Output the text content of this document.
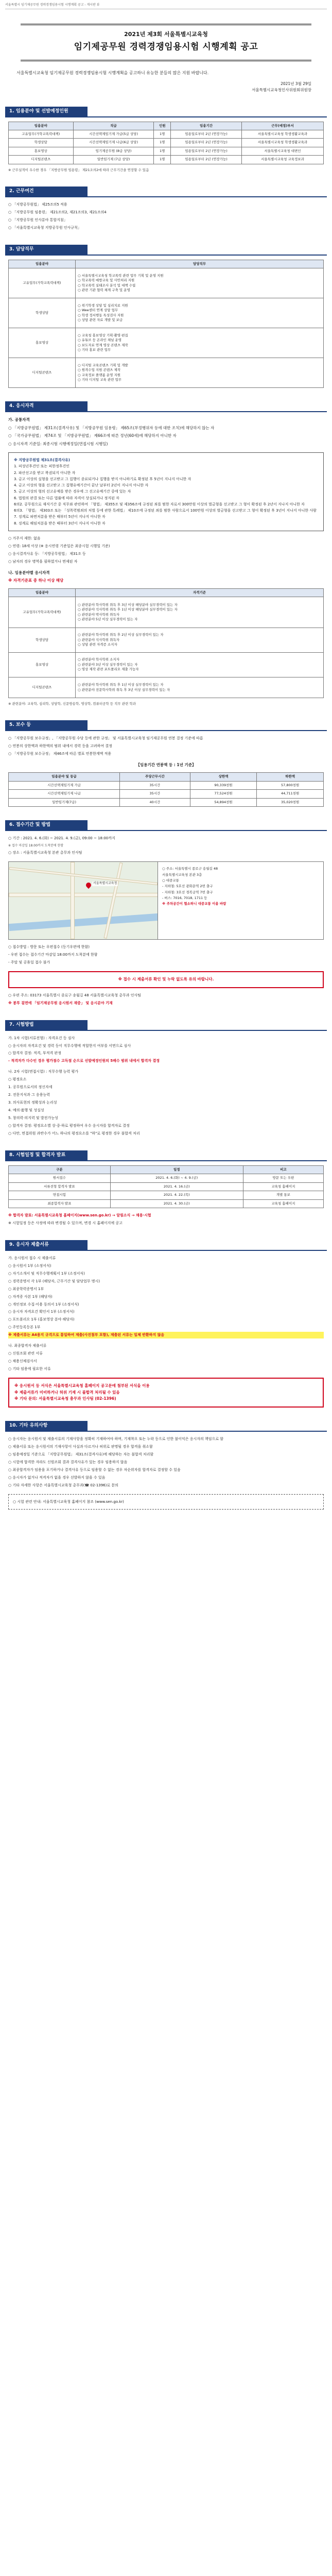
서울특별시 임기제공무원 경력경쟁임용시험 시행계획 공고 - 게시판 뷰
2021년 제3회 서울특별시교육청
임기제공무원 경력경쟁임용시험 시행계획 공고
서울특별시교육청 임기제공무원 경력경쟁임용시험 시행계획을 공고하니 유능한 분들의 많은 지원 바랍니다.
2021년 3월 29일
서울특별시교육청인사위원회위원장
1. 임용분야 및 선발예정인원
임용분야	직급	인원	임용기간	근무(예정)부서
고유업무(가학교폭력대책)	시간선택제임기제 가급(5급 상당)	1명	임용일로부터 2년 (연장가능)	서울특별시교육청 학생생활교육과
학생상담	시간선택제임기제 나급(6급 상당)	1명	임용일로부터 2년 (연장가능)	서울특별시교육청 학생생활교육과
홍보영상	임기제공무원 (8급 상당)	1명	임용일로부터 2년 (연장가능)	서울특별시교육청 대변인
디지털콘텐츠	일반임기제 (7급 상당)	1명	임용일로부터 2년 (연장가능)	서울특별시교육청 교육정보과
※ 근무실적이 우수한 경우 「지방공무원 임용령」 제21조의2에 따라 근무기간을 연장할 수 있음
2. 근무여건

○ 「지방공무원법」 제25조의5 적용

○ 「지방공무원 임용령」 제21조의2, 제21조의3, 제21조의4

○ 「지방공무원 인사분야 통합지침」

○ 「서울특별시교육청 지방공무원 인사규칙」

3. 담당직무
임용분야	담당직무
고유업무(가학교폭력대책)	○ 서울특별시교육청 학교폭력 관련 업무 기획 및 운영 지원
○ 학교폭력 예방교육 및 사안처리 지원
○ 학교폭력 실태조사 분석 및 대책 수립
○ 관련 기관 협력 체계 구축 및 운영
학생상담	○ 위기학생 상담 및 심리치료 지원
○ Wee센터 연계 상담 업무
○ 학생 정서행동 특성검사 지원
○ 상담 관련 자료 개발 및 보급
홍보영상	○ 교육청 홍보영상 기획·촬영·편집
○ 유튜브 등 온라인 채널 운영
○ 보도자료 연계 영상 콘텐츠 제작
○ 기타 홍보 관련 업무
디지털콘텐츠	○ 디지털 교육콘텐츠 기획 및 개발
○ 원격수업 지원 콘텐츠 제작
○ 교육정보 플랫폼 운영 지원
○ 기타 디지털 교육 관련 업무
4. 응시자격
가. 공통자격

○ 「지방공무원법」 제31조(결격사유) 및 「지방공무원 임용령」 제65조(부정행위자 등에 대한 조치)에 해당하지 않는 자

○ 「국가공무원법」 제74조 및 「지방공무원법」 제66조에 따른 정년(60세)에 해당하지 아니한 자

○ 응시자격 기준일: 최종시험 시행예정일(면접시험 시행일)

※ 지방공무원법 제31조(결격사유)

1. 피성년후견인 또는 피한정후견인

2. 파산선고를 받고 복권되지 아니한 자

3. 금고 이상의 실형을 선고받고 그 집행이 종료되거나 집행을 받지 아니하기로 확정된 후 5년이 지나지 아니한 자

4. 금고 이상의 형을 선고받고 그 집행유예기간이 끝난 날부터 2년이 지나지 아니한 자

5. 금고 이상의 형의 선고유예를 받은 경우에 그 선고유예기간 중에 있는 자

6. 법원의 판결 또는 다른 법률에 따라 자격이 상실되거나 정지된 자

6의2. 공무원으로 재직기간 중 직무와 관련하여 「형법」 제355조 및 제356조에 규정된 죄를 범한 자로서 300만원 이상의 벌금형을 선고받고 그 형이 확정된 후 2년이 지나지 아니한 자

6의3. 「형법」 제303조 또는 「성폭력범죄의 처벌 등에 관한 특례법」 제10조에 규정된 죄를 범한 사람으로서 100만원 이상의 벌금형을 선고받고 그 형이 확정된 후 3년이 지나지 아니한 사람

7. 징계로 파면처분을 받은 때부터 5년이 지나지 아니한 자

8. 징계로 해임처분을 받은 때부터 3년이 지나지 아니한 자

○ 거주지 제한: 없음

○ 연령: 18세 이상 (※ 응시연령 기준일은 최종시험 시행일 기준)

○ 응시결격사유 등: 「지방공무원법」 제31조 등

○ 남자의 경우 병역을 필하였거나 면제된 자

나. 임용분야별 응시자격

※ 자격기준표 중 하나 이상 해당

임용분야	자격기준
고유업무(가학교폭력대책)	○ 관련분야 학사학위 취득 후 3년 이상 해당분야 실무경력이 있는 자
○ 관련분야 석사학위 취득 후 1년 이상 해당분야 실무경력이 있는 자
○ 관련분야 박사학위 취득자
○ 관련분야 5년 이상 실무경력이 있는 자
학생상담	○ 관련분야 학사학위 취득 후 2년 이상 실무경력이 있는 자
○ 관련분야 석사학위 취득자
○ 상담 관련 자격증 소지자
홍보영상	○ 관련분야 학사학위 소지자
○ 관련분야 3년 이상 실무경력이 있는 자
○ 영상 제작 관련 포트폴리오 제출 가능자
디지털콘텐츠	○ 관련분야 학사학위 취득 후 1년 이상 실무경력이 있는 자
○ 관련분야 전문학사학위 취득 후 3년 이상 실무경력이 있는 자
※ 관련분야: 교육학, 심리학, 상담학, 신문방송학, 영상학, 컴퓨터공학 등 직무 관련 학과
5. 보수 등

○ 「지방공무원 보수규정」, 「지방공무원 수당 등에 관한 규정」 및 서울특별시교육청 임기제공무원 연봉 결정 기준에 따름

○ 연봉의 상한액과 하한액의 범위 내에서 경력 등을 고려하여 결정

○ 「지방공무원 보수규정」 제46조에 따른 별표 연봉한계액 적용

【임용기간 연봉액 등 : 1년 기준】
임용분야 및 등급	주당근무시간	상한액	하한액
시간선택제임기제 가급	35시간	90,339천원	57,800천원
시간선택제임기제 나급	35시간	77,524천원	44,711천원
일반임기제(7급)	40시간	54,894천원	35,020천원
6. 접수기간 및 방법

○ 기간 : 2021. 4. 6.(화) ~ 2021. 4. 9.(금), 09:00 ~ 18:00까지

※ 접수 마감일 18:00까지 도착분에 한함

○ 장소 : 서울특별시교육청 본관 총무과 인사팀

서울특별시교육청

○ 주소: 서울특별시 종로구 송월길 48

서울특별시교육청 본관 3층

○ 대중교통

- 지하철: 5호선 광화문역 2번 출구

- 지하철: 3호선 경복궁역 7번 출구

- 버스: 7016, 7018, 1711 등

※ 주차공간이 협소하니 대중교통 이용 바람

○ 접수방법 : 방문 또는 우편접수 (등기우편에 한함)

- 우편 접수는 접수기간 마감일 18:00까지 도착분에 한함

- 주말 및 공휴일 접수 불가

※ 접수 시 제출서류 확인 및 누락 없도록 유의 바랍니다.

○ 우편 주소: 03173 서울특별시 종로구 송월길 48 서울특별시교육청 총무과 인사팀

※ 봉투 겉면에 「임기제공무원 응시원서 재중」 및 응시분야 기재

7. 시험방법

가. 1차 시험(서류전형) : 자격요건 등 심사

○ 응시자의 자격요건 및 경력 등이 직무수행에 적합한지 여부를 서면으로 심사

○ 합격자 결정: 적격, 부적격 판정

- 적격자가 다수인 경우 평가점수 고득점 순으로 선발예정인원의 5배수 범위 내에서 합격자 결정

나. 2차 시험(면접시험) : 직무수행 능력 평가

○ 평정요소

1. 공무원으로서의 정신자세

2. 전문지식과 그 응용능력

3. 의사표현의 정확성과 논리성

4. 예의·품행 및 성실성

5. 창의력·의지력 및 발전가능성

○ 합격자 결정: 평정요소별 상·중·하로 평정하여 우수 응시자를 합격자로 결정

○ 다만, 면접위원 과반수가 어느 하나의 평정요소를 "하"로 평정한 경우 불합격 처리

8. 시험일정 및 합격자 발표
구분	일정	비고
원서접수	2021. 4. 6.(화) ~ 4. 9.(금)	방문 또는 우편
서류전형 합격자 발표	2021. 4. 16.(금)	교육청 홈페이지
면접시험	2021. 4. 22.(목)	개별 통보
최종합격자 발표	2021. 4. 30.(금)	교육청 홈페이지

※ 합격자 발표: 서울특별시교육청 홈페이지(www.sen.go.kr) → 알림소식 → 채용·시험

※ 시험일정 등은 사정에 따라 변경될 수 있으며, 변경 시 홈페이지에 공고

9. 응시자 제출서류

가. 응시원서 접수 시 제출서류

○ 응시원서 1부 (소정서식)

○ 자기소개서 및 직무수행계획서 1부 (소정서식)

○ 경력증명서 각 1부 (해당자, 근무기간 및 담당업무 명시)

○ 최종학력증명서 1부

○ 자격증 사본 1부 (해당자)

○ 개인정보 수집·이용 동의서 1부 (소정서식)

○ 응시자 자격요건 확인서 1부 (소정서식)

○ 포트폴리오 1부 (홍보영상 분야 해당자)

○ 주민등록등본 1부

※ 제출서류는 A4용지 규격으로 통일하여 제출(사진첨부 포함), 제출된 서류는 일체 반환하지 않음

나. 최종합격자 제출서류

○ 신원조회 관련 서류

○ 채용신체검사서

○ 기타 임용에 필요한 서류

※ 응시원서 등 서식은 서울특별시교육청 홈페이지 공고문에 첨부된 서식을 이용

※ 제출서류가 미비하거나 허위 기재 시 불합격 처리될 수 있음

※ 기타 문의: 서울특별시교육청 총무과 인사팀 (02-1396)

10. 기타 유의사항

○ 응시자는 응시원서 및 제출서류의 기재사항을 정확히 기재하여야 하며, 기재착오 또는 누락 등으로 인한 불이익은 응시자의 책임으로 함

○ 제출서류 또는 응시원서의 기재사항이 사실과 다르거나 허위로 판명될 경우 합격을 취소함

○ 임용예정일 기준으로 「지방공무원법」 제31조(결격사유)에 해당하는 자는 불합격 처리함

○ 시험에 합격한 자라도 신원조회 결과 결격사유가 있는 경우 임용하지 않음

○ 최종합격자가 임용을 포기하거나 결격사유 등으로 임용할 수 없는 경우 차순위자를 합격자로 결정할 수 있음

○ 응시자가 없거나 적격자가 없을 경우 선발하지 않을 수 있음

○ 기타 자세한 사항은 서울특별시교육청 총무과(☎ 02-1396)로 문의

○ 시험 관련 안내: 서울특별시교육청 홈페이지 참조 (www.sen.go.kr)
